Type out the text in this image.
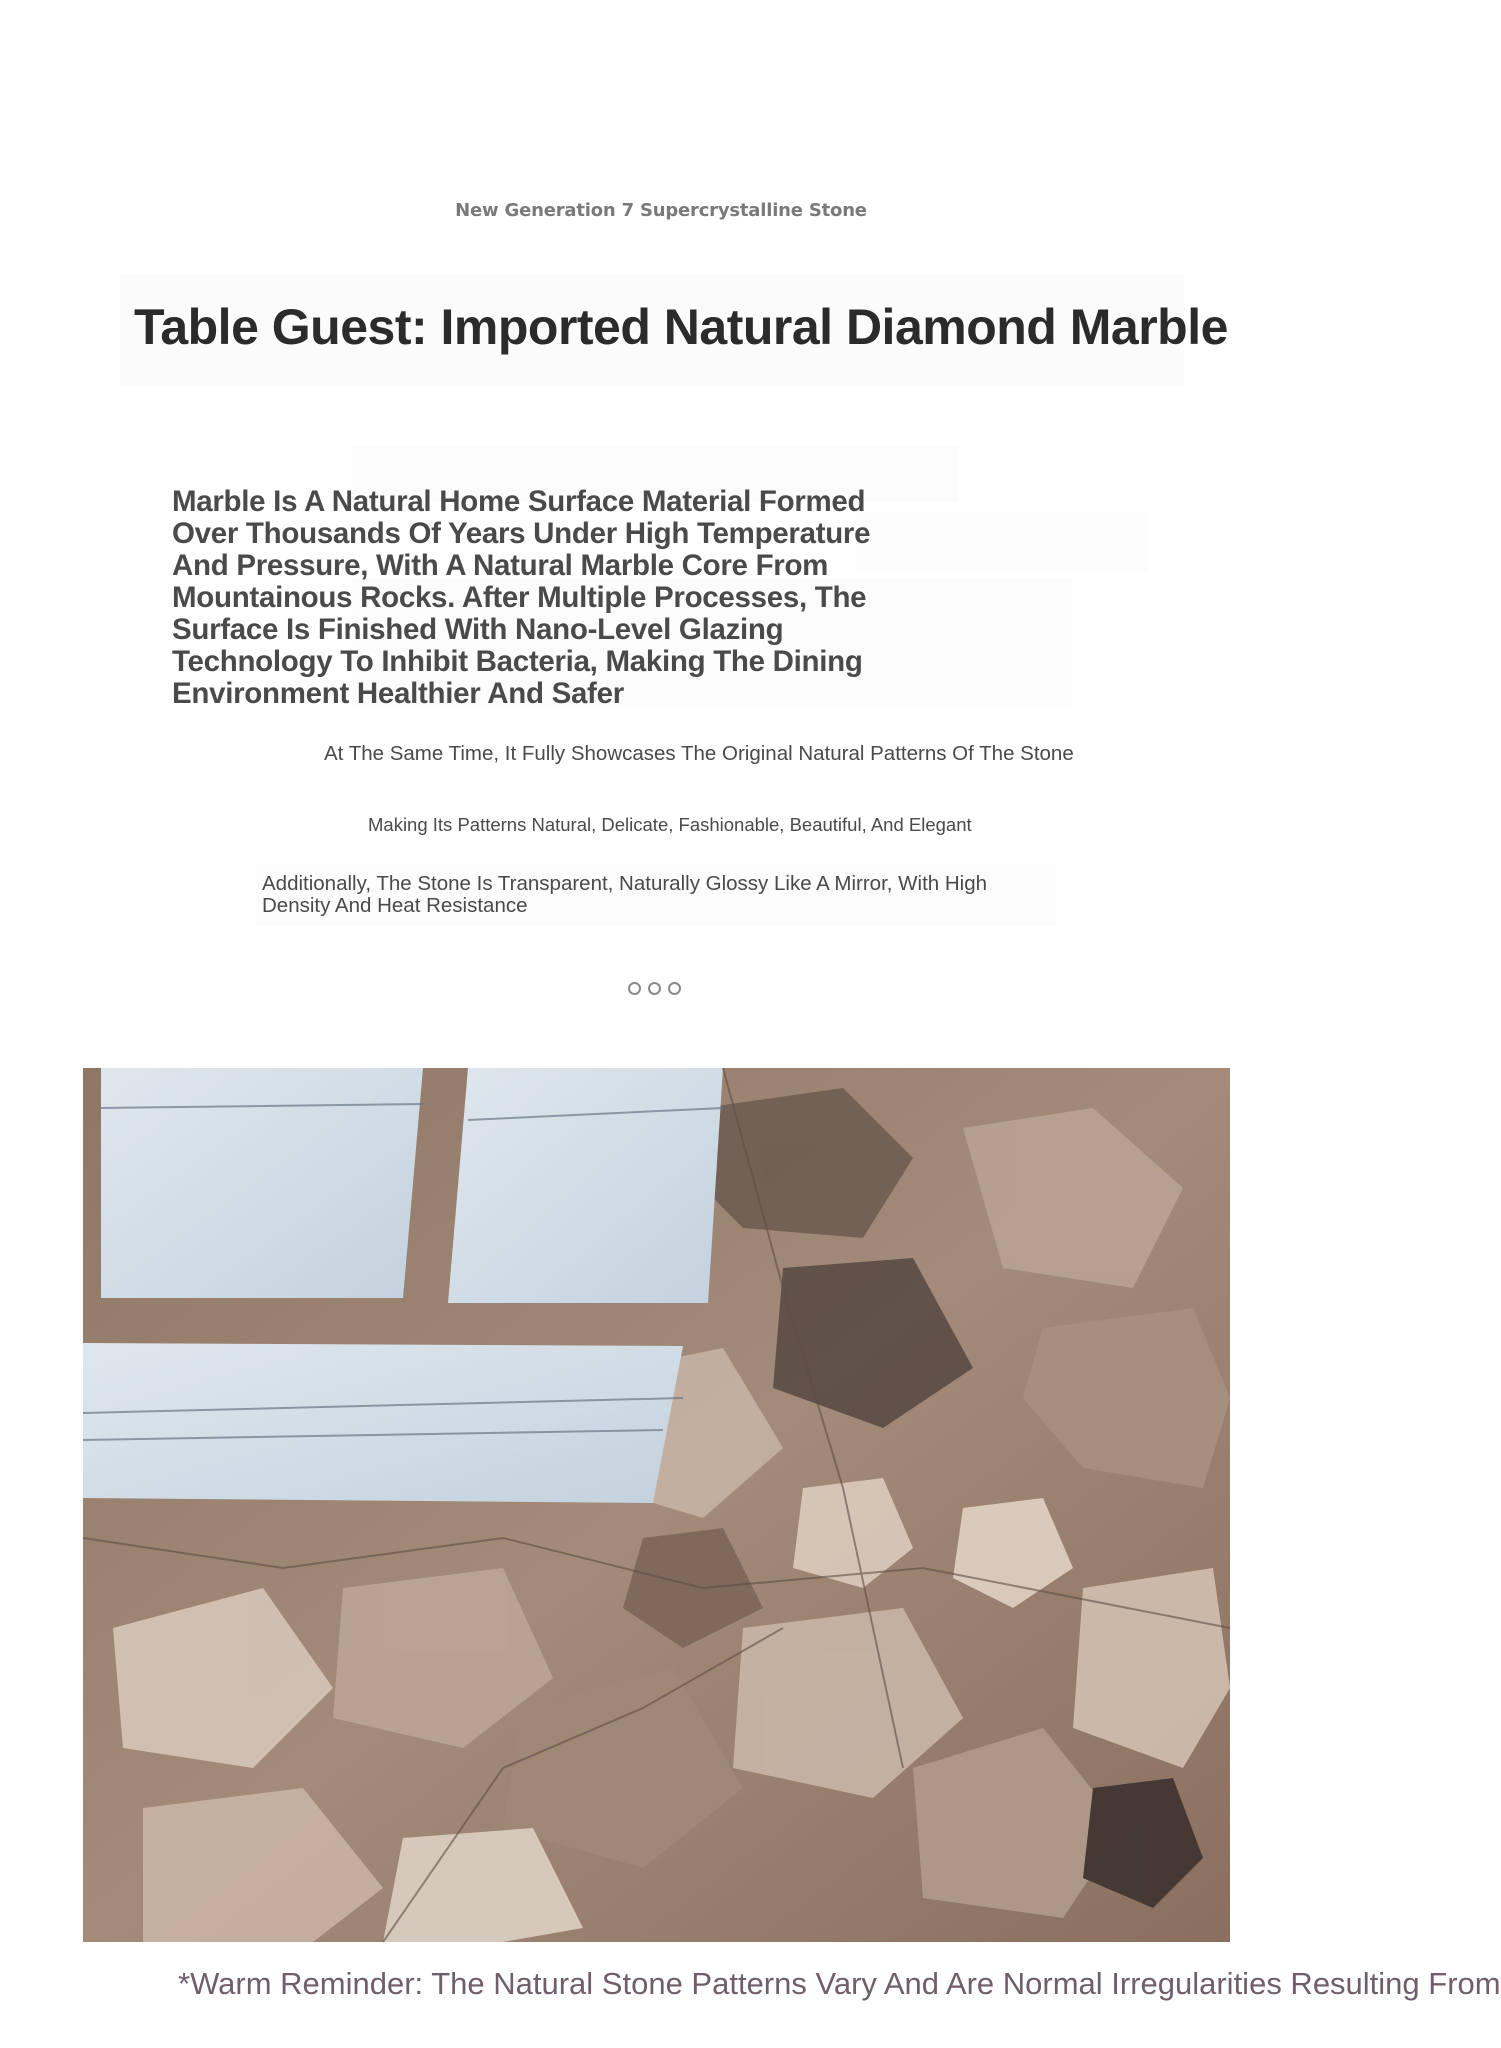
New Generation 7 Supercrystalline Stone
Table Guest: Imported Natural Diamond Marble
Marble Is A Natural Home Surface Material Formed Over Thousands Of Years Under High Temperature And Pressure, With A Natural Marble Core From Mountainous Rocks. After Multiple Processes, The Surface Is Finished With Nano-Level Glazing Technology To Inhibit Bacteria, Making The Dining Environment Healthier And Safer
At The Same Time, It Fully Showcases The Original Natural Patterns Of The Stone
Making Its Patterns Natural, Delicate, Fashionable, Beautiful, And Elegant
Additionally, The Stone Is Transparent, Naturally Glossy Like A Mirror, With High Density And Heat Resistance
*Warm Reminder: The Natural Stone Patterns Vary And Are Normal Irregularities Resulting From
